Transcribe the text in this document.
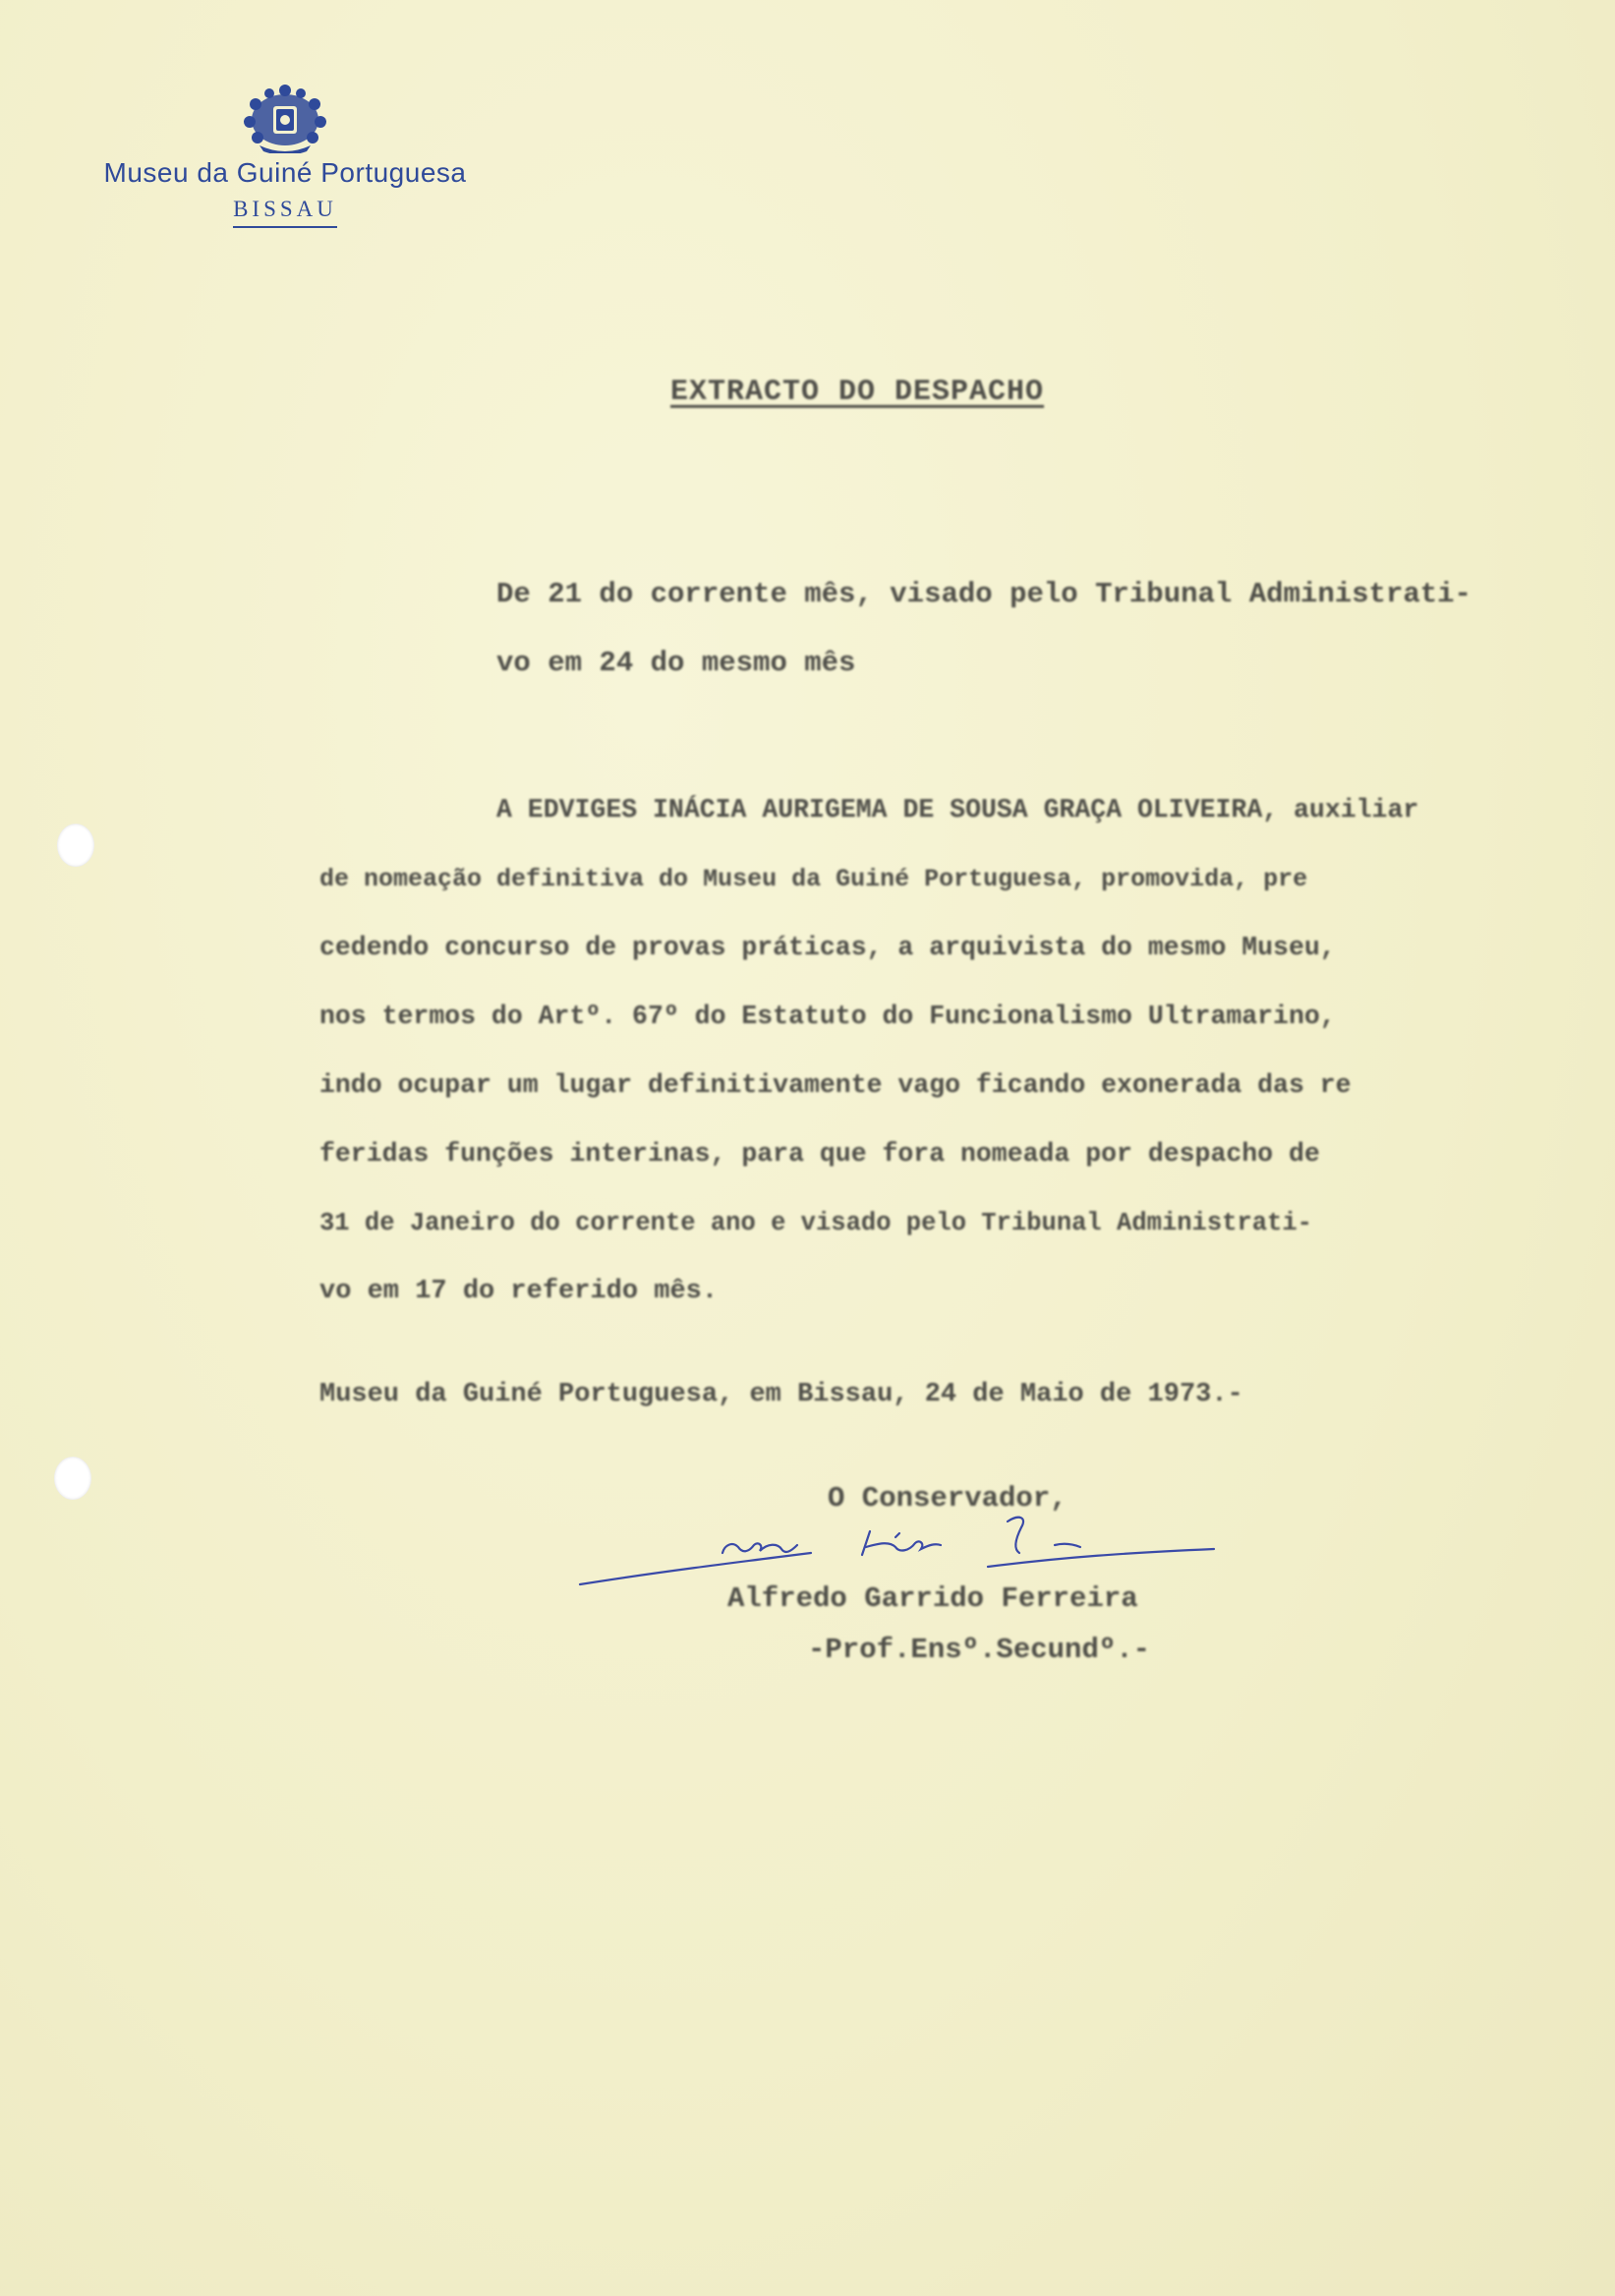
Museu da Guiné Portuguesa
BISSAU
EXTRACTO DO DESPACHO
De 21 do corrente mês, visado pelo Tribunal Administrati-
vo em 24 do mesmo mês
A EDVIGES INÁCIA AURIGEMA DE SOUSA GRAÇA OLIVEIRA, auxiliar
de nomeação definitiva do Museu da Guiné Portuguesa, promovida, pre
cedendo concurso de provas práticas, a arquivista do mesmo Museu,
nos termos do Artº. 67º do Estatuto do Funcionalismo Ultramarino,
indo ocupar um lugar definitivamente vago ficando exonerada das re
feridas funções interinas, para que fora nomeada por despacho de
31 de Janeiro do corrente ano e visado pelo Tribunal Administrati-
vo em 17 do referido mês.
Museu da Guiné Portuguesa, em Bissau, 24 de Maio de 1973.-
O Conservador,
Alfredo Garrido Ferreira
-Prof.Ensº.Secundº.-
